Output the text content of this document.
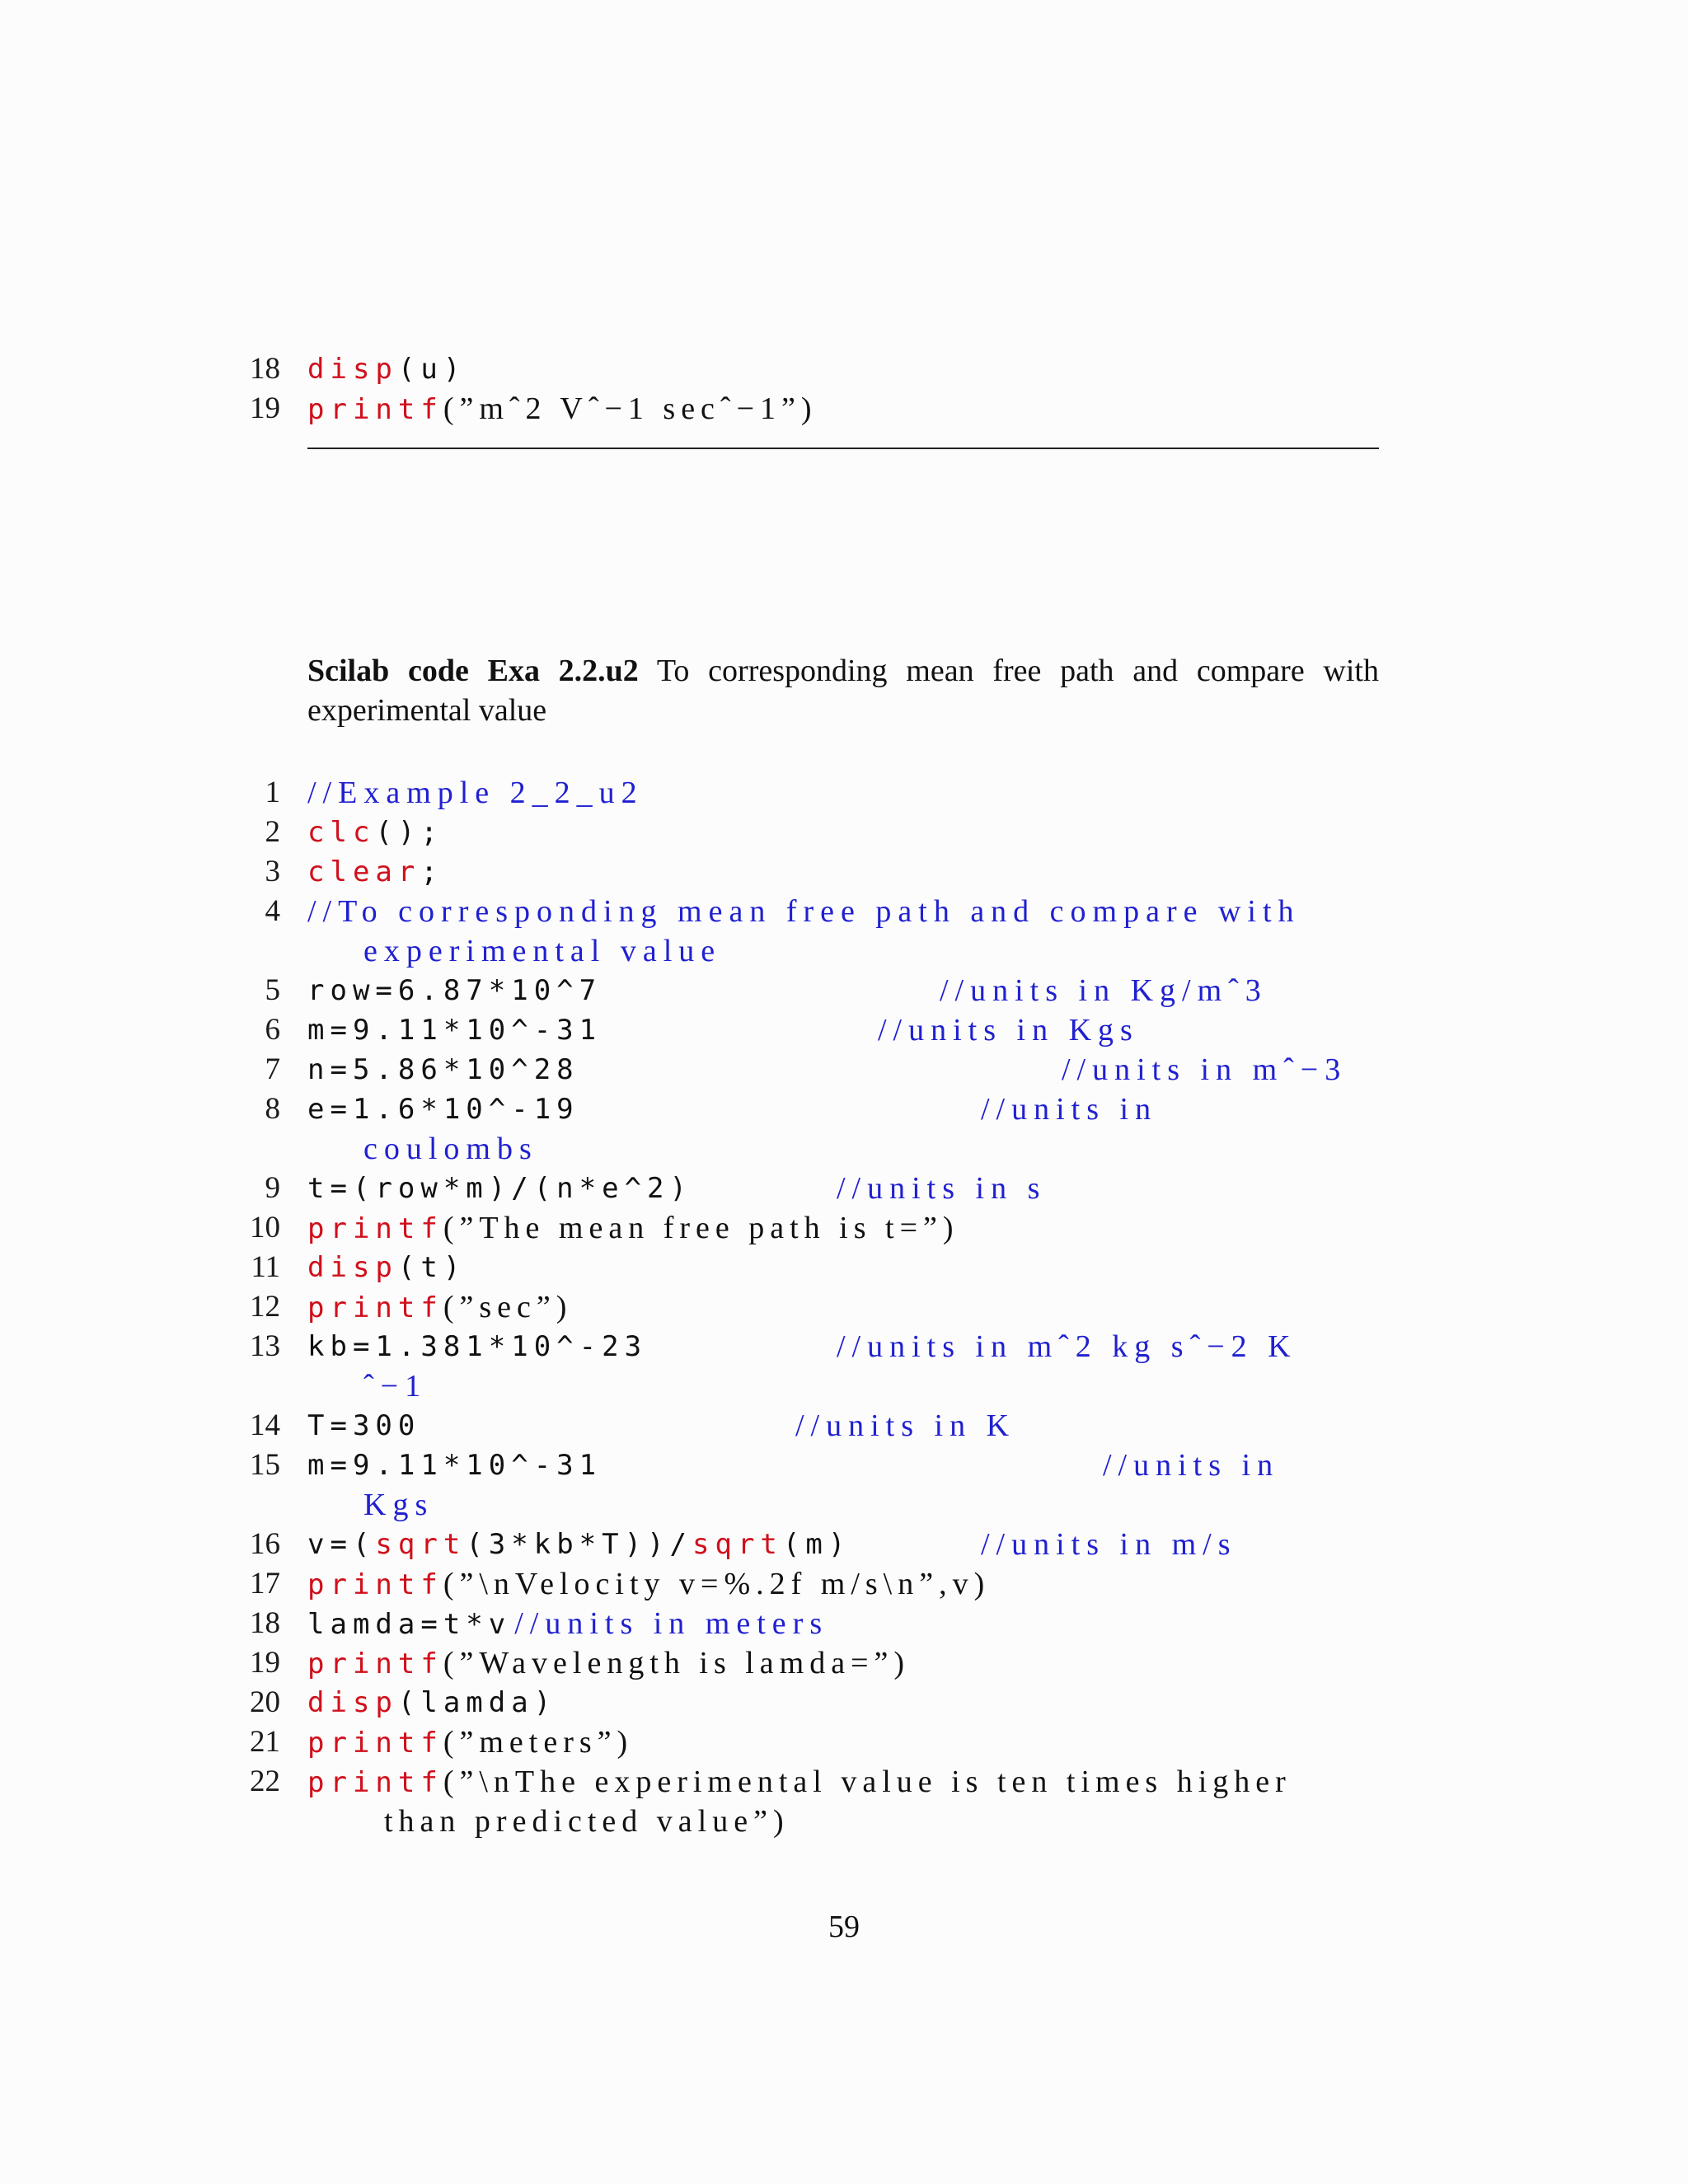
18 disp(u)
19 printf(”mˆ2 Vˆ−1 secˆ−1”)
Scilab code Exa 2.2.u2 To corresponding mean free path and compare with experimental value
1 //Example 2_2_u2
2 clc();
3 clear;
4 //To corresponding mean free path and compare with
experimental value
5 row=6.87*10^7	//units in Kg/mˆ3
6 m=9.11*10^-31	//units in Kgs
7 n=5.86*10^28	//units in mˆ−3
8 e=1.6*10^-19	//units in
coulombs
9 t=(row*m)/(n*e^2)	//units in s
10 printf(”The mean free path is t=”)
11 disp(t)
12 printf(”sec”)
13 kb=1.381*10^-23	//units in mˆ2 kg sˆ−2 K
ˆ−1
14 T=300	//units in K
15 m=9.11*10^-31	//units in
Kgs
16 v=(sqrt(3*kb*T))/sqrt(m)	//units in m/s
17 printf(”\nVelocity v=%.2f m/s\n”,v)
18 lamda=t*v //units in meters
19 printf(”Wavelength is lamda=”)
20 disp(lamda)
21 printf(”meters”)
22 printf(”\nThe experimental value is ten times higher
than predicted value”)
59
